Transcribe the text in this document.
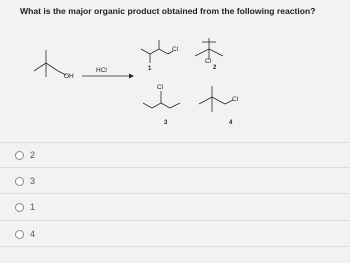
What is the major organic product obtained from the following reaction?

OH
HCl
Cl
1
Cl
2
Cl
3
Cl
4
2
3
1
4
